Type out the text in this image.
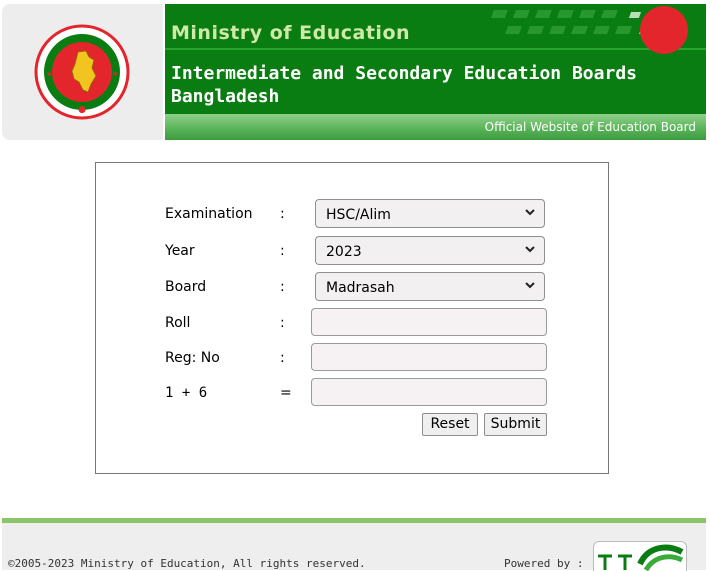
●
★	★
Ministry of Education
Intermediate and Secondary Education Boards Bangladesh
Official Website of Education Board
Examination :	HSC/Alim
Year	:	2023
Board	:	Madrasah
Roll	:
Reg: No	:
1 + 6	=
Reset	Submit
©2005-2023 Ministry of Education, All rights reserved.	Powered by :
